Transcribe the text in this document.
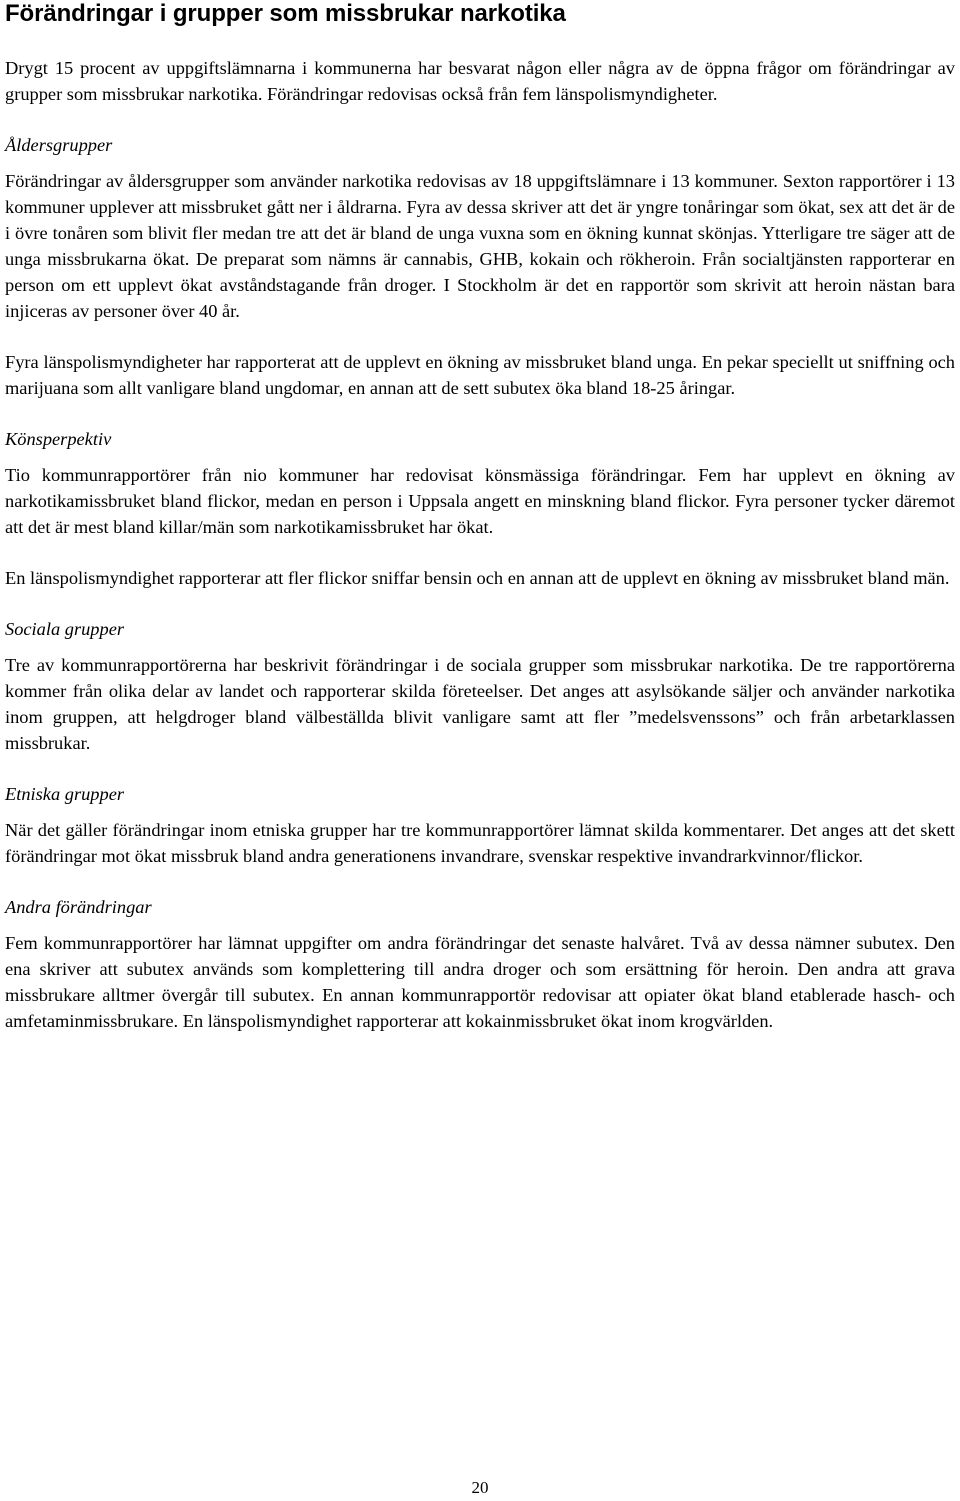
Förändringar i grupper som missbrukar narkotika

Drygt 15 procent av uppgiftslämnarna i kommunerna har besvarat någon eller några av de öppna frågor om förändringar av grupper som missbrukar narkotika. Förändringar redovisas också från fem länspolismyndigheter.

Åldersgrupper

Förändringar av åldersgrupper som använder narkotika redovisas av 18 uppgiftslämnare i 13 kommuner. Sexton rapportörer i 13 kommuner upplever att missbruket gått ner i åldrarna. Fyra av dessa skriver att det är yngre tonåringar som ökat, sex att det är de i övre tonåren som blivit fler medan tre att det är bland de unga vuxna som en ökning kunnat skönjas. Ytterligare tre säger att de unga missbrukarna ökat. De preparat som nämns är cannabis, GHB, kokain och rökheroin. Från socialtjänsten rapporterar en person om ett upplevt ökat avståndstagande från droger. I Stockholm är det en rapportör som skrivit att heroin nästan bara injiceras av personer över 40 år.

Fyra länspolismyndigheter har rapporterat att de upplevt en ökning av missbruket bland unga. En pekar speciellt ut sniffning och marijuana som allt vanligare bland ungdomar, en annan att de sett subutex öka bland 18-25 åringar.

Könsperpektiv

Tio kommunrapportörer från nio kommuner har redovisat könsmässiga förändringar. Fem har upplevt en ökning av narkotikamissbruket bland flickor, medan en person i Uppsala angett en minskning bland flickor. Fyra personer tycker däremot att det är mest bland killar/män som narkotikamissbruket har ökat.

En länspolismyndighet rapporterar att fler flickor sniffar bensin och en annan att de upplevt en ökning av missbruket bland män.

Sociala grupper

Tre av kommunrapportörerna har beskrivit förändringar i de sociala grupper som missbrukar narkotika. De tre rapportörerna kommer från olika delar av landet och rapporterar skilda företeelser. Det anges att asylsökande säljer och använder narkotika inom gruppen, att helgdroger bland välbeställda blivit vanligare samt att fler ”medelsvenssons” och från arbetarklassen missbrukar.

Etniska grupper

När det gäller förändringar inom etniska grupper har tre kommunrapportörer lämnat skilda kommentarer. Det anges att det skett förändringar mot ökat missbruk bland andra generationens invandrare, svenskar respektive invandrarkvinnor/flickor.

Andra förändringar

Fem kommunrapportörer har lämnat uppgifter om andra förändringar det senaste halvåret. Två av dessa nämner subutex. Den ena skriver att subutex används som komplettering till andra droger och som ersättning för heroin. Den andra att grava missbrukare alltmer övergår till subutex. En annan kommunrapportör redovisar att opiater ökat bland etablerade hasch- och amfetaminmissbrukare. En länspolismyndighet rapporterar att kokainmissbruket ökat inom krogvärlden.

20
